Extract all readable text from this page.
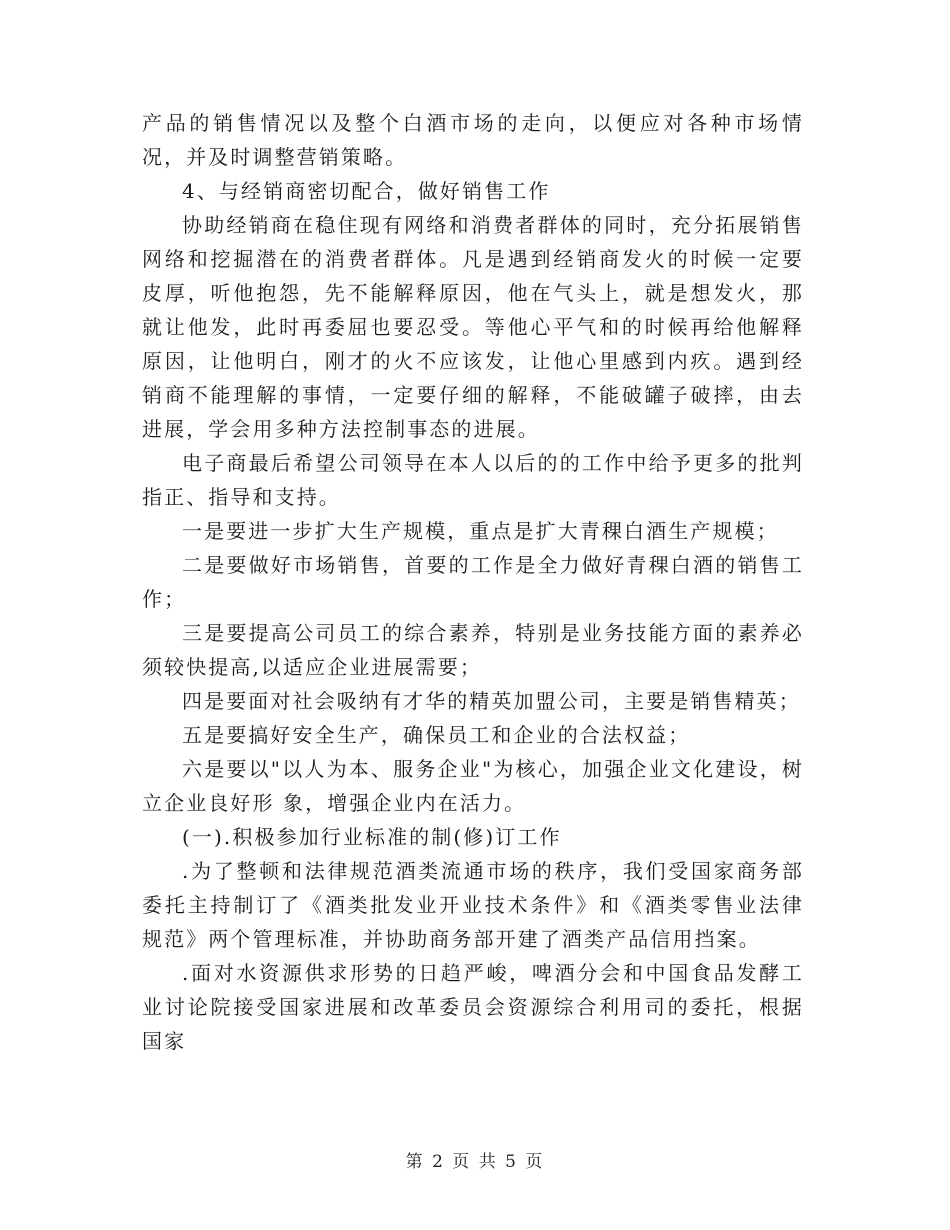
产品的销售情况以及整个白酒市场的走向，以便应对各种市场情况，并及时调整营销策略。

4、与经销商密切配合，做好销售工作

协助经销商在稳住现有网络和消费者群体的同时，充分拓展销售网络和挖掘潜在的消费者群体。凡是遇到经销商发火的时候一定要皮厚，听他抱怨，先不能解释原因，他在气头上，就是想发火，那就让他发，此时再委屈也要忍受。等他心平气和的时候再给他解释原因，让他明白，刚才的火不应该发，让他心里感到内疚。遇到经销商不能理解的事情，一定要仔细的解释，不能破罐子破摔，由去进展，学会用多种方法控制事态的进展。

电子商最后希望公司领导在本人以后的的工作中给予更多的批判指正、指导和支持。

一是要进一步扩大生产规模，重点是扩大青稞白酒生产规模；

二是要做好市场销售，首要的工作是全力做好青稞白酒的销售工作；

三是要提高公司员工的综合素养，特别是业务技能方面的素养必须较快提高,以适应企业进展需要；

四是要面对社会吸纳有才华的精英加盟公司，主要是销售精英；

五是要搞好安全生产，确保员工和企业的合法权益；

六是要以"以人为本、服务企业"为核心，加强企业文化建设，树立企业良好形 象，增强企业内在活力。

(一).积极参加行业标准的制(修)订工作

.为了整顿和法律规范酒类流通市场的秩序，我们受国家商务部委托主持制订了《酒类批发业开业技术条件》和《酒类零售业法律规范》两个管理标准，并协助商务部开建了酒类产品信用挡案。

.面对水资源供求形势的日趋严峻，啤酒分会和中国食品发酵工业讨论院接受国家进展和改革委员会资源综合利用司的委托，根据国家

第 2 页 共 5 页
